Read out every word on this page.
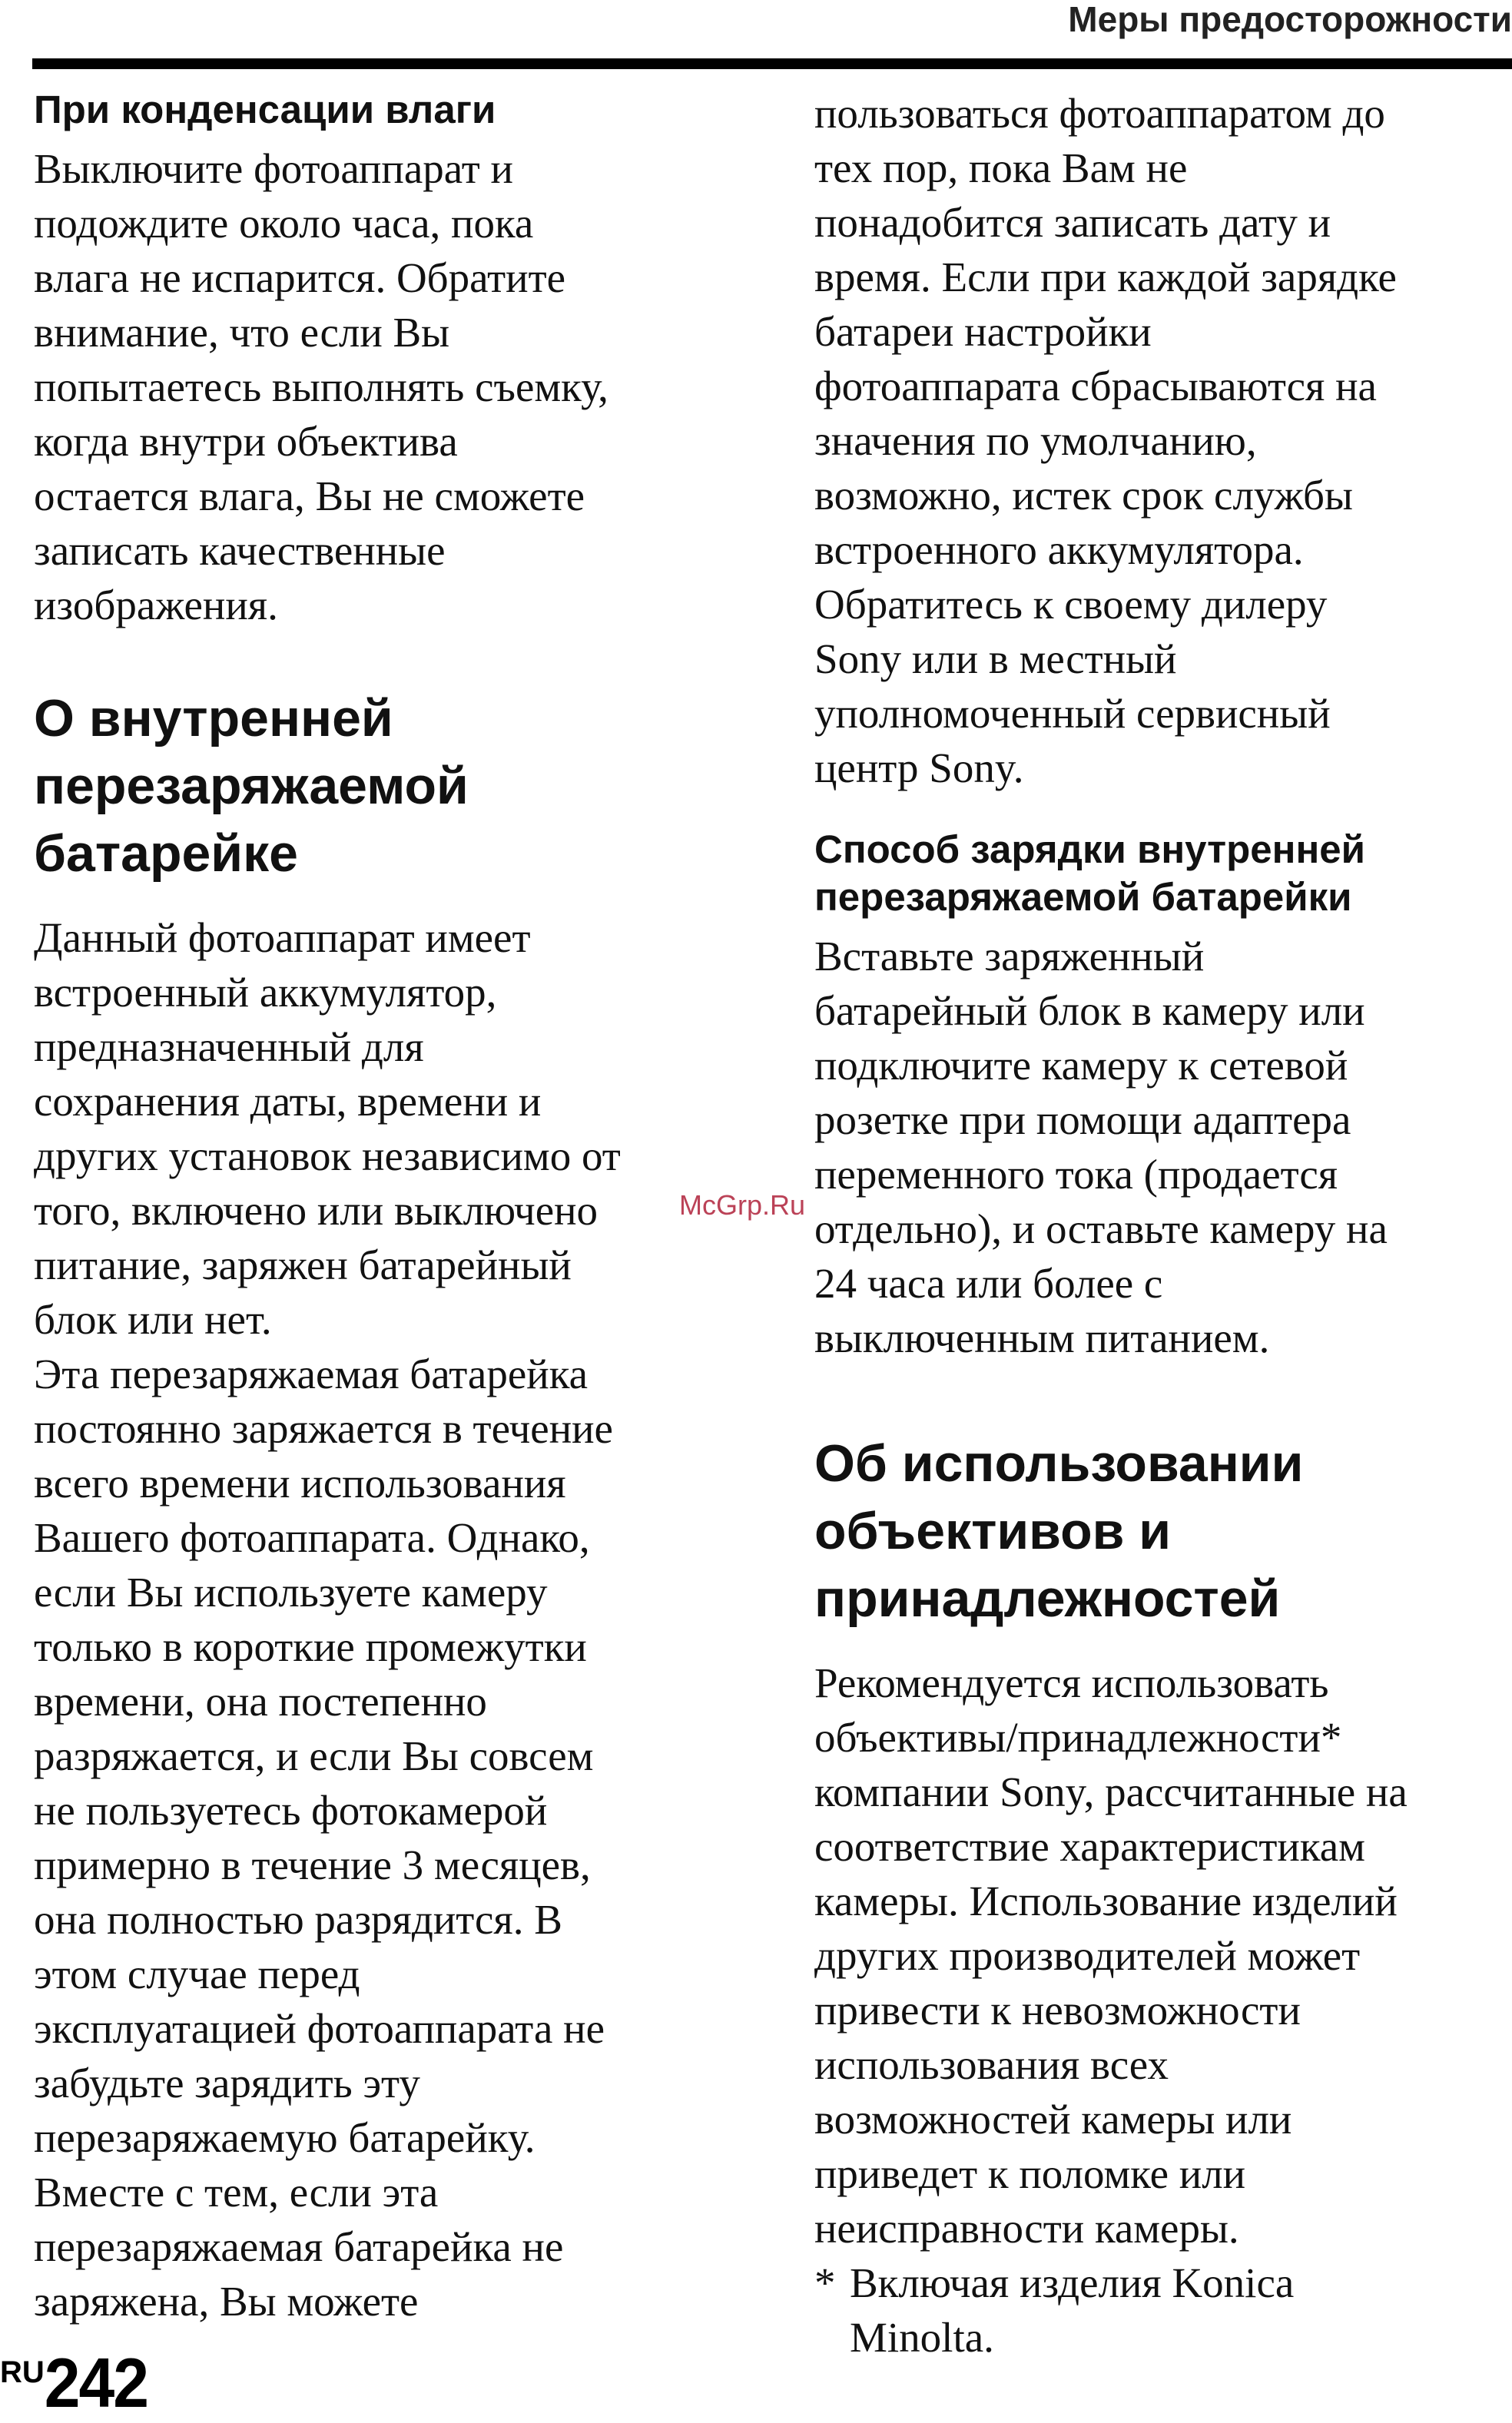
Меры предосторожности
При конденсации влаги
Выключите фотоаппарат и
подождите около часа, пока
влага не испарится. Обратите
внимание, что если Вы
попытаетесь выполнять съемку,
когда внутри объектива
остается влага, Вы не сможете
записать качественные
изображения.
О внутренней
перезаряжаемой
батарейке
Данный фотоаппарат имеет
встроенный аккумулятор,
предназначенный для
сохранения даты, времени и
других установок независимо от
того, включено или выключено
питание, заряжен батарейный
блок или нет.
Эта перезаряжаемая батарейка
постоянно заряжается в течение
всего времени использования
Вашего фотоаппарата. Однако,
если Вы используете камеру
только в короткие промежутки
времени, она постепенно
разряжается, и если Вы совсем
не пользуетесь фотокамерой
примерно в течение 3 месяцев,
она полностью разрядится. В
этом случае перед
эксплуатацией фотоаппарата не
забудьте зарядить эту
перезаряжаемую батарейку.
Вместе с тем, если эта
перезаряжаемая батарейка не
заряжена, Вы можете
пользоваться фотоаппаратом до
тех пор, пока Вам не
понадобится записать дату и
время. Если при каждой зарядке
батареи настройки
фотоаппарата сбрасываются на
значения по умолчанию,
возможно, истек срок службы
встроенного аккумулятора.
Обратитесь к своему дилеру
Sony или в местный
уполномоченный сервисный
центр Sony.
Способ зарядки внутренней
перезаряжаемой батарейки
Вставьте заряженный
батарейный блок в камеру или
подключите камеру к сетевой
розетке при помощи адаптера
переменного тока (продается
отдельно), и оставьте камеру на
24 часа или более с
выключенным питанием.
Об использовании
объективов и
принадлежностей
Рекомендуется использовать
объективы/принадлежности*
компании Sony, рассчитанные на
соответствие характеристикам
камеры. Использование изделий
других производителей может
привести к невозможности
использования всех
возможностей камеры или
приведет к поломке или
неисправности камеры.
* Включая изделия Konica
Minolta.
McGrp.Ru
RU 242
